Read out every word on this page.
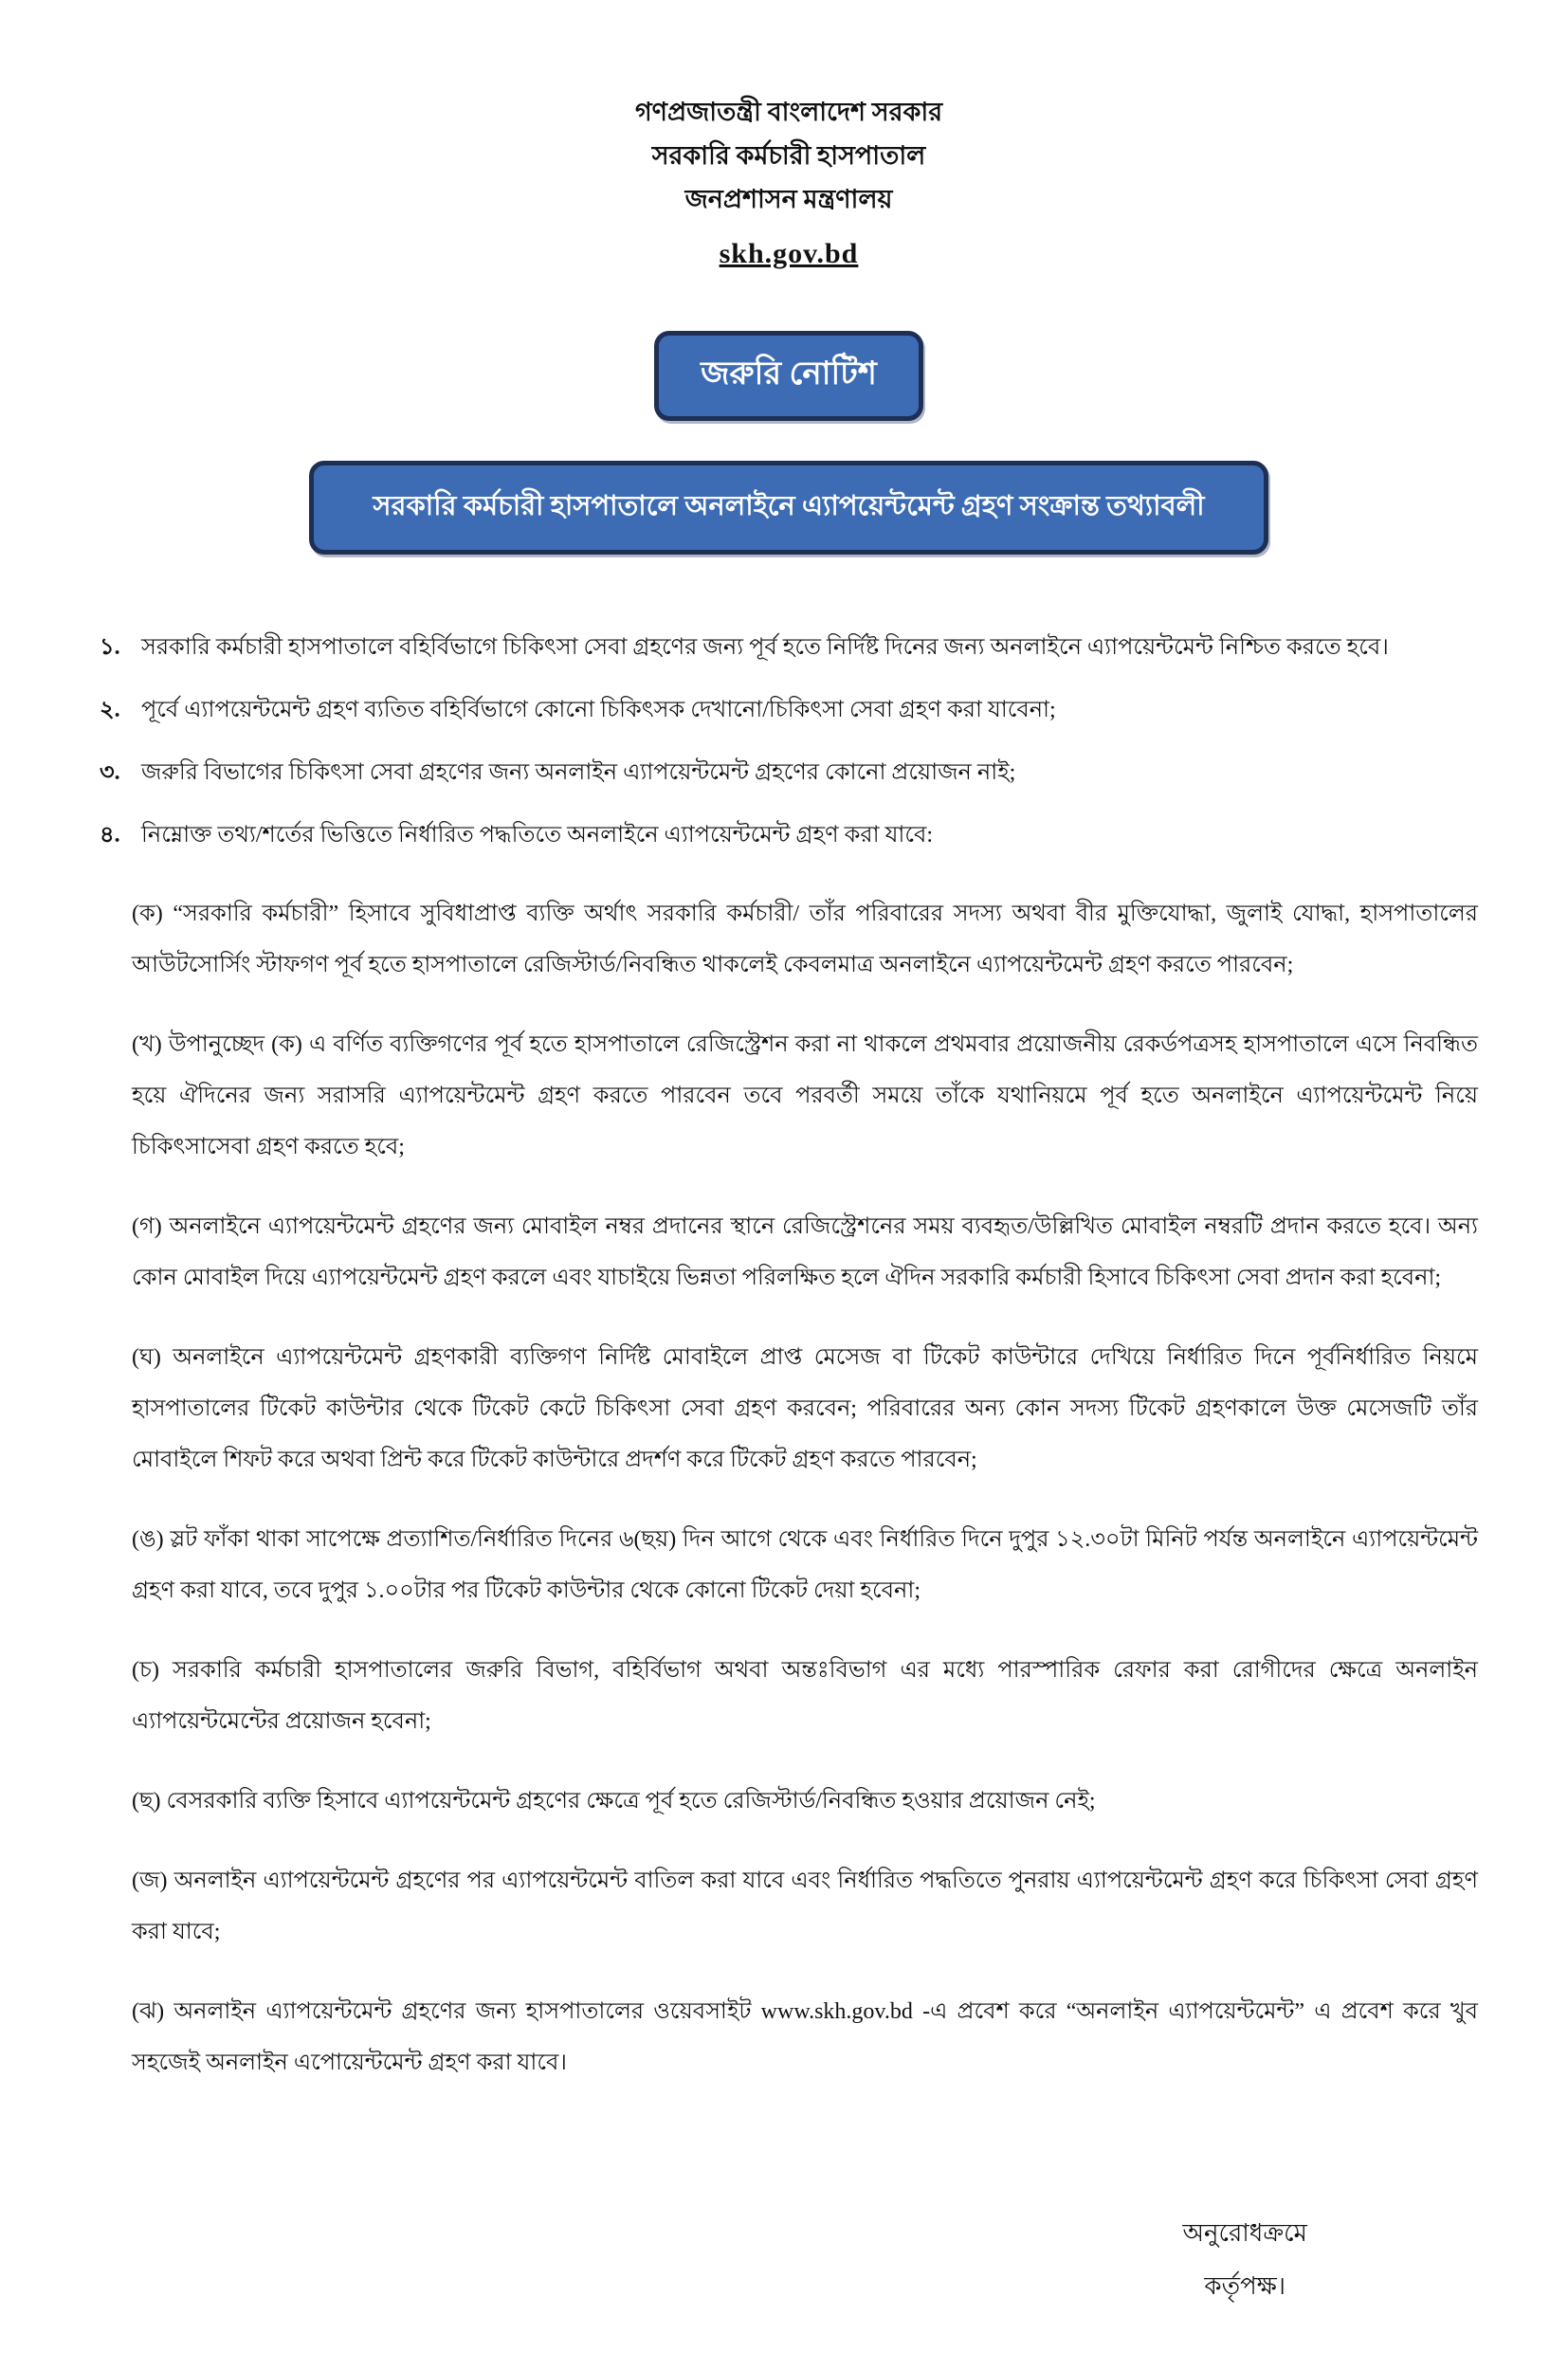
গণপ্রজাতন্ত্রী বাংলাদেশ সরকার
সরকারি কর্মচারী হাসপাতাল
জনপ্রশাসন মন্ত্রণালয়
skh.gov.bd
জরুরি নোটিশ
সরকারি কর্মচারী হাসপাতালে অনলাইনে এ্যাপয়েন্টমেন্ট গ্রহণ সংক্রান্ত তথ্যাবলী
১. সরকারি কর্মচারী হাসপাতালে বহির্বিভাগে চিকিৎসা সেবা গ্রহণের জন্য পূর্ব হতে নির্দিষ্ট দিনের জন্য অনলাইনে এ্যাপয়েন্টমেন্ট নিশ্চিত করতে হবে।
২. পূর্বে এ্যাপয়েন্টমেন্ট গ্রহণ ব্যতিত বহির্বিভাগে কোনো চিকিৎসক দেখানো/চিকিৎসা সেবা গ্রহণ করা যাবেনা;
৩. জরুরি বিভাগের চিকিৎসা সেবা গ্রহণের জন্য অনলাইন এ্যাপয়েন্টমেন্ট গ্রহণের কোনো প্রয়োজন নাই;
৪. নিম্নোক্ত তথ্য/শর্তের ভিত্তিতে নির্ধারিত পদ্ধতিতে অনলাইনে এ্যাপয়েন্টমেন্ট গ্রহণ করা যাবে:

(ক) “সরকারি কর্মচারী” হিসাবে সুবিধাপ্রাপ্ত ব্যক্তি অর্থাৎ সরকারি কর্মচারী/ তাঁর পরিবারের সদস্য অথবা বীর মুক্তিযোদ্ধা, জুলাই যোদ্ধা, হাসপাতালের আউটসোর্সিং স্টাফগণ পূর্ব হতে হাসপাতালে রেজিস্টার্ড/নিবন্ধিত থাকলেই কেবলমাত্র অনলাইনে এ্যাপয়েন্টমেন্ট গ্রহণ করতে পারবেন;

(খ) উপানুচ্ছেদ (ক) এ বর্ণিত ব্যক্তিগণের পূর্ব হতে হাসপাতালে রেজিস্ট্রেশন করা না থাকলে প্রথমবার প্রয়োজনীয় রেকর্ডপত্রসহ হাসপাতালে এসে নিবন্ধিত হয়ে ঐদিনের জন্য সরাসরি এ্যাপয়েন্টমেন্ট গ্রহণ করতে পারবেন তবে পরবর্তী সময়ে তাঁকে যথানিয়মে পূর্ব হতে অনলাইনে এ্যাপয়েন্টমেন্ট নিয়ে চিকিৎসাসেবা গ্রহণ করতে হবে;

(গ) অনলাইনে এ্যাপয়েন্টমেন্ট গ্রহণের জন্য মোবাইল নম্বর প্রদানের স্থানে রেজিস্ট্রেশনের সময় ব্যবহৃত/উল্লিখিত মোবাইল নম্বরটি প্রদান করতে হবে। অন্য কোন মোবাইল দিয়ে এ্যাপয়েন্টমেন্ট গ্রহণ করলে এবং যাচাইয়ে ভিন্নতা পরিলক্ষিত হলে ঐদিন সরকারি কর্মচারী হিসাবে চিকিৎসা সেবা প্রদান করা হবেনা;

(ঘ) অনলাইনে এ্যাপয়েন্টমেন্ট গ্রহণকারী ব্যক্তিগণ নির্দিষ্ট মোবাইলে প্রাপ্ত মেসেজ বা টিকেট কাউন্টারে দেখিয়ে নির্ধারিত দিনে পূর্বনির্ধারিত নিয়মে হাসপাতালের টিকেট কাউন্টার থেকে টিকেট কেটে চিকিৎসা সেবা গ্রহণ করবেন; পরিবারের অন্য কোন সদস্য টিকেট গ্রহণকালে উক্ত মেসেজটি তাঁর মোবাইলে শিফট করে অথবা প্রিন্ট করে টিকেট কাউন্টারে প্রদর্শণ করে টিকেট গ্রহণ করতে পারবেন;

(ঙ) স্লট ফাঁকা থাকা সাপেক্ষে প্রত্যাশিত/নির্ধারিত দিনের ৬(ছয়) দিন আগে থেকে এবং নির্ধারিত দিনে দুপুর ১২.৩০টা মিনিট পর্যন্ত অনলাইনে এ্যাপয়েন্টমেন্ট গ্রহণ করা যাবে, তবে দুপুর ১.০০টার পর টিকেট কাউন্টার থেকে কোনো টিকেট দেয়া হবেনা;

(চ) সরকারি কর্মচারী হাসপাতালের জরুরি বিভাগ, বহির্বিভাগ অথবা অন্তঃবিভাগ এর মধ্যে পারস্পারিক রেফার করা রোগীদের ক্ষেত্রে অনলাইন এ্যাপয়েন্টমেন্টের প্রয়োজন হবেনা;

(ছ) বেসরকারি ব্যক্তি হিসাবে এ্যাপয়েন্টমেন্ট গ্রহণের ক্ষেত্রে পূর্ব হতে রেজিস্টার্ড/নিবন্ধিত হওয়ার প্রয়োজন নেই;

(জ) অনলাইন এ্যাপয়েন্টমেন্ট গ্রহণের পর এ্যাপয়েন্টমেন্ট বাতিল করা যাবে এবং নির্ধারিত পদ্ধতিতে পুনরায় এ্যাপয়েন্টমেন্ট গ্রহণ করে চিকিৎসা সেবা গ্রহণ করা যাবে;

(ঝ) অনলাইন এ্যাপয়েন্টমেন্ট গ্রহণের জন্য হাসপাতালের ওয়েবসাইট www.skh.gov.bd -এ প্রবেশ করে “অনলাইন এ্যাপয়েন্টমেন্ট” এ প্রবেশ করে খুব সহজেই অনলাইন এপোয়েন্টমেন্ট গ্রহণ করা যাবে।

অনুরোধক্রমে
কর্তৃপক্ষ।
